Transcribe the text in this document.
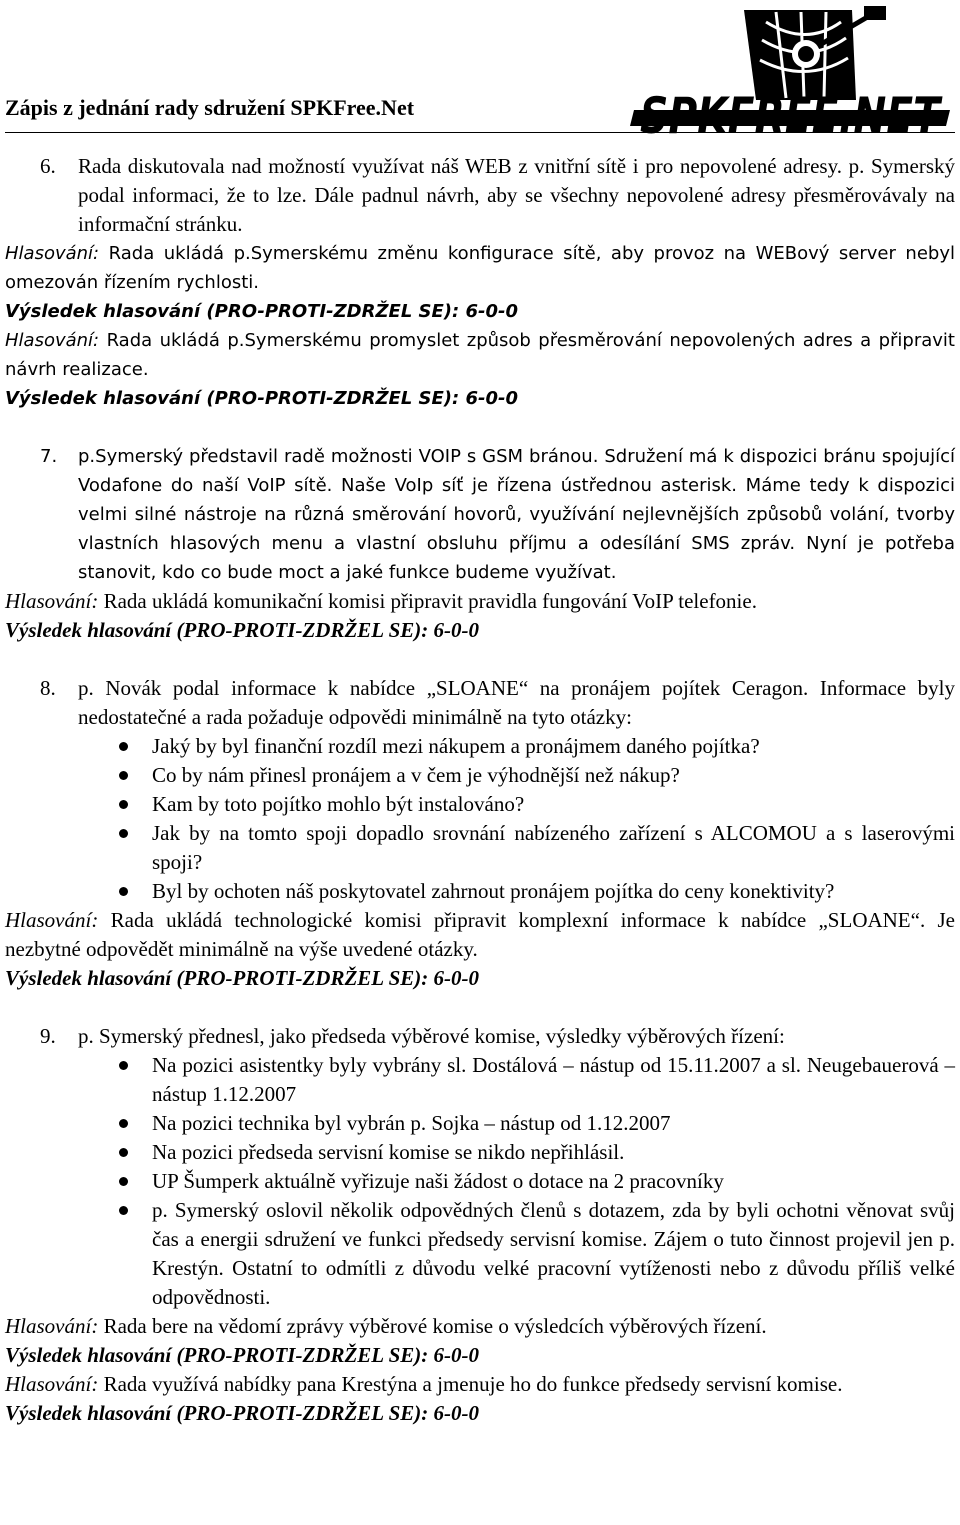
Zápis z jednání rady sdružení SPKFree.Net	SPKFREE.NET
6. Rada diskutovala nad možností využívat náš WEB z vnitřní sítě i pro nepovolené adresy. p. Symerský podal informaci, že to lze. Dále padnul návrh, aby se všechny nepovolené adresy přesměrovávaly na informační stránku.
Hlasování: Rada ukládá p.Symerskému změnu konfigurace sítě, aby provoz na WEBový server nebyl omezován řízením rychlosti.
Výsledek hlasování (PRO-PROTI-ZDRŽEL SE): 6-0-0
Hlasování: Rada ukládá p.Symerskému promyslet způsob přesměrování nepovolených adres a připravit návrh realizace.
Výsledek hlasování (PRO-PROTI-ZDRŽEL SE): 6-0-0
7. p.Symerský představil radě možnosti VOIP s GSM bránou. Sdružení má k dispozici bránu spojující Vodafone do naší VoIP sítě. Naše VoIp síť je řízena ústřednou asterisk. Máme tedy k dispozici velmi silné nástroje na různá směrování hovorů, využívání nejlevnějších způsobů volání, tvorby vlastních hlasových menu a vlastní obsluhu příjmu a odesílání SMS zpráv. Nyní je potřeba stanovit, kdo co bude moct a jaké funkce budeme využívat.
Hlasování: Rada ukládá komunikační komisi připravit pravidla fungování VoIP telefonie.
Výsledek hlasování (PRO-PROTI-ZDRŽEL SE): 6-0-0
8. p. Novák podal informace k nabídce „SLOANE“ na pronájem pojítek Ceragon. Informace byly nedostatečné a rada požaduje odpovědi minimálně na tyto otázky:
Jaký by byl finanční rozdíl mezi nákupem a pronájmem daného pojítka?
Co by nám přinesl pronájem a v čem je výhodnější než nákup?
Kam by toto pojítko mohlo být instalováno?
Jak by na tomto spoji dopadlo srovnání nabízeného zařízení s ALCOMOU a s laserovými spoji?
Byl by ochoten náš poskytovatel zahrnout pronájem pojítka do ceny konektivity?
Hlasování: Rada ukládá technologické komisi připravit komplexní informace k nabídce „SLOANE“. Je nezbytné odpovědět minimálně na výše uvedené otázky.
Výsledek hlasování (PRO-PROTI-ZDRŽEL SE): 6-0-0
9. p. Symerský přednesl, jako předseda výběrové komise, výsledky výběrových řízení:
Na pozici asistentky byly vybrány sl. Dostálová – nástup od 15.11.2007 a sl. Neugebauerová – nástup 1.12.2007
Na pozici technika byl vybrán p. Sojka – nástup od 1.12.2007
Na pozici předseda servisní komise se nikdo nepřihlásil.
UP Šumperk aktuálně vyřizuje naši žádost o dotace na 2 pracovníky
p. Symerský oslovil několik odpovědných členů s dotazem, zda by byli ochotni věnovat svůj čas a energii sdružení ve funkci předsedy servisní komise. Zájem o tuto činnost projevil jen p. Krestýn. Ostatní to odmítli z důvodu velké pracovní vytíženosti nebo z důvodu příliš velké odpovědnosti.
Hlasování: Rada bere na vědomí zprávy výběrové komise o výsledcích výběrových řízení.
Výsledek hlasování (PRO-PROTI-ZDRŽEL SE): 6-0-0
Hlasování: Rada využívá nabídky pana Krestýna a jmenuje ho do funkce předsedy servisní komise.
Výsledek hlasování (PRO-PROTI-ZDRŽEL SE): 6-0-0
